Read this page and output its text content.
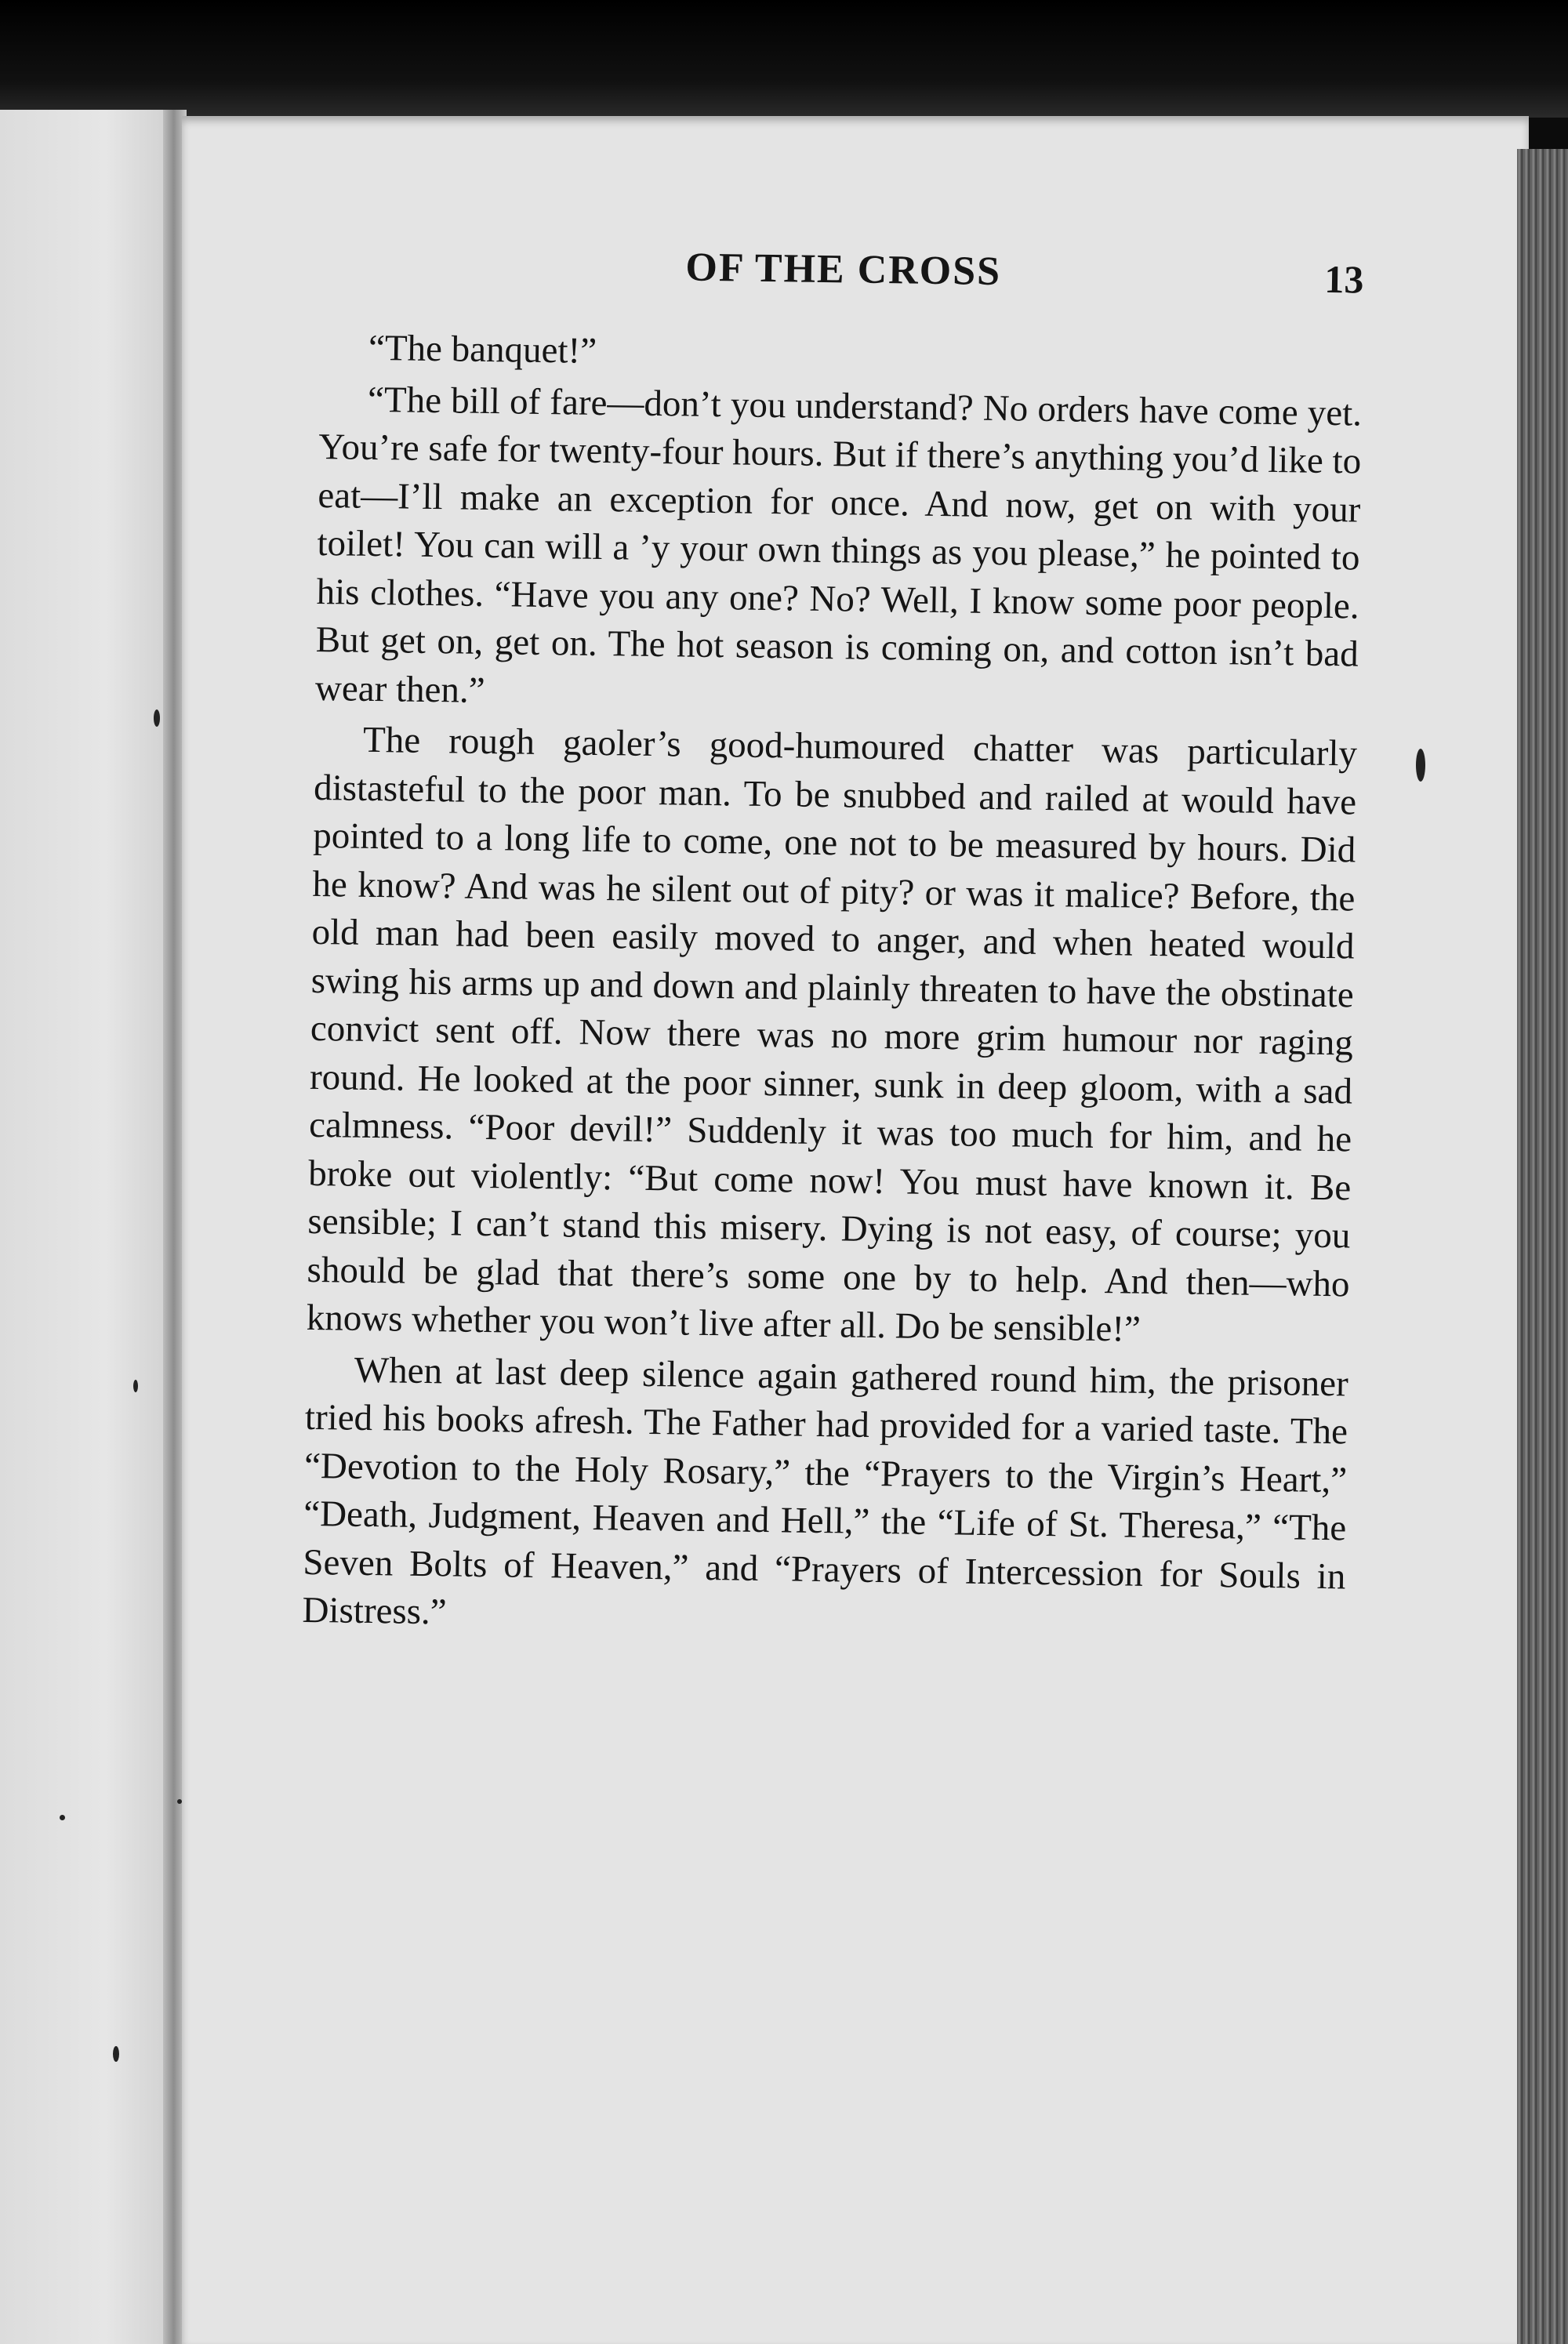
OF THE CROSS	13

“The banquet!”

“The bill of fare—don’t you understand? No orders have come yet. You’re safe for twenty-four hours. But if there’s anything you’d like to eat—I’ll make an exception for once. And now, get on with your toilet! You can will a ’y your own things as you please,” he pointed to his clothes. “Have you any one? No? Well, I know some poor people. But get on, get on. The hot season is coming on, and cotton isn’t bad wear then.”

The rough gaoler’s good-humoured chatter was particularly distasteful to the poor man. To be snubbed and railed at would have pointed to a long life to come, one not to be measured by hours. Did he know? And was he silent out of pity? or was it malice? Before, the old man had been easily moved to anger, and when heated would swing his arms up and down and plainly threaten to have the obstinate convict sent off. Now there was no more grim humour nor raging round. He looked at the poor sinner, sunk in deep gloom, with a sad calmness. “Poor devil!” Suddenly it was too much for him, and he broke out violently: “But come now! You must have known it. Be sensible; I can’t stand this misery. Dying is not easy, of course; you should be glad that there’s some one by to help. And then—who knows whether you won’t live after all. Do be sensible!”

When at last deep silence again gathered round him, the prisoner tried his books afresh. The Father had provided for a varied taste. The “Devotion to the Holy Rosary,” the “Prayers to the Virgin’s Heart,” “Death, Judgment, Heaven and Hell,” the “Life of St. Theresa,” “The Seven Bolts of Heaven,” and “Prayers of Intercession for Souls in Distress.”
